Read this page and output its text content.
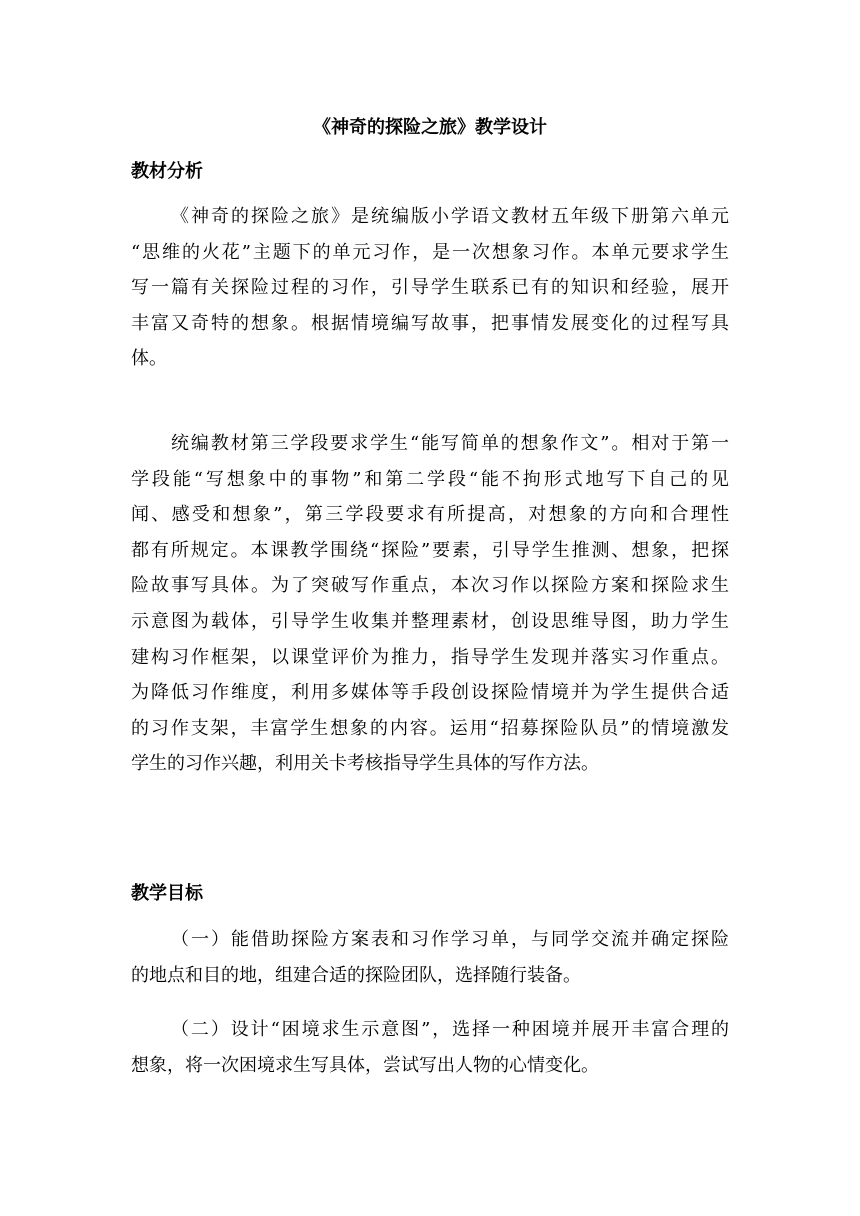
《神奇的探险之旅》教学设计
教材分析
《神奇的探险之旅》是统编版小学语文教材五年级下册第六单元
“思维的火花”主题下的单元习作，是一次想象习作。本单元要求学生
写一篇有关探险过程的习作，引导学生联系已有的知识和经验，展开
丰富又奇特的想象。根据情境编写故事，把事情发展变化的过程写具
体。
统编教材第三学段要求学生“能写简单的想象作文”。相对于第一
学段能“写想象中的事物”和第二学段“能不拘形式地写下自己的见
闻、感受和想象”，第三学段要求有所提高，对想象的方向和合理性
都有所规定。本课教学围绕“探险”要素，引导学生推测、想象，把探
险故事写具体。为了突破写作重点，本次习作以探险方案和探险求生
示意图为载体，引导学生收集并整理素材，创设思维导图，助力学生
建构习作框架，以课堂评价为推力，指导学生发现并落实习作重点。
为降低习作维度，利用多媒体等手段创设探险情境并为学生提供合适
的习作支架，丰富学生想象的内容。运用“招募探险队员”的情境激发
学生的习作兴趣，利用关卡考核指导学生具体的写作方法。
教学目标
（一）能借助探险方案表和习作学习单，与同学交流并确定探险
的地点和目的地，组建合适的探险团队，选择随行装备。
（二）设计“困境求生示意图”，选择一种困境并展开丰富合理的
想象，将一次困境求生写具体，尝试写出人物的心情变化。
